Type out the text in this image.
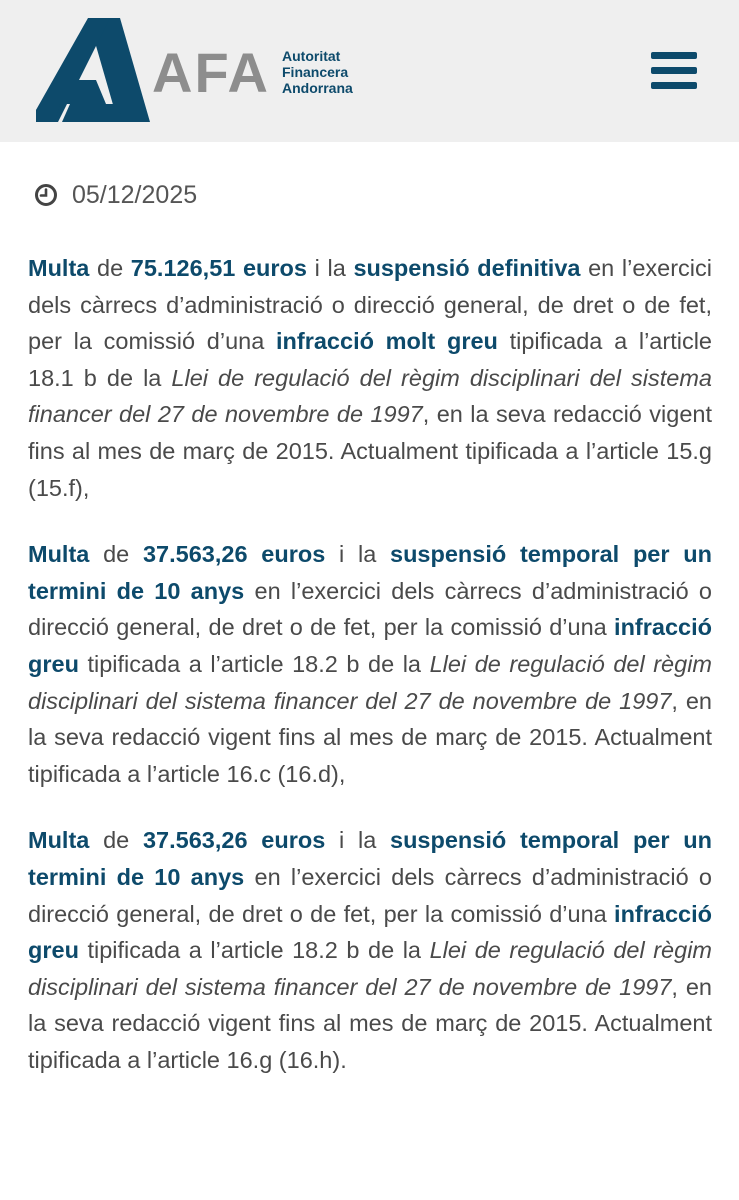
AFA Autoritat
Financera
Andorrana
05/12/2025

Multa de 75.126,51 euros i la suspensió definitiva en l’exercici dels càrrecs d’administració o direcció general, de dret o de fet, per la comissió d’una infracció molt greu tipificada a l’article 18.1 b de la Llei de regulació del règim disciplinari del sistema financer del 27 de novembre de 1997, en la seva redacció vigent fins al mes de març de 2015. Actualment tipificada a l’article 15.g (15.f),

Multa de 37.563,26 euros i la suspensió temporal per un termini de 10 anys en l’exercici dels càrrecs d’administració o direcció general, de dret o de fet, per la comissió d’una infracció greu tipificada a l’article 18.2 b de la Llei de regulació del règim disciplinari del sistema financer del 27 de novembre de 1997, en la seva redacció vigent fins al mes de març de 2015. Actualment tipificada a l’article 16.c (16.d),

Multa de 37.563,26 euros i la suspensió temporal per un termini de 10 anys en l’exercici dels càrrecs d’administració o direcció general, de dret o de fet, per la comissió d’una infracció greu tipificada a l’article 18.2 b de la Llei de regulació del règim disciplinari del sistema financer del 27 de novembre de 1997, en la seva redacció vigent fins al mes de març de 2015. Actualment tipificada a l’article 16.g (16.h).
